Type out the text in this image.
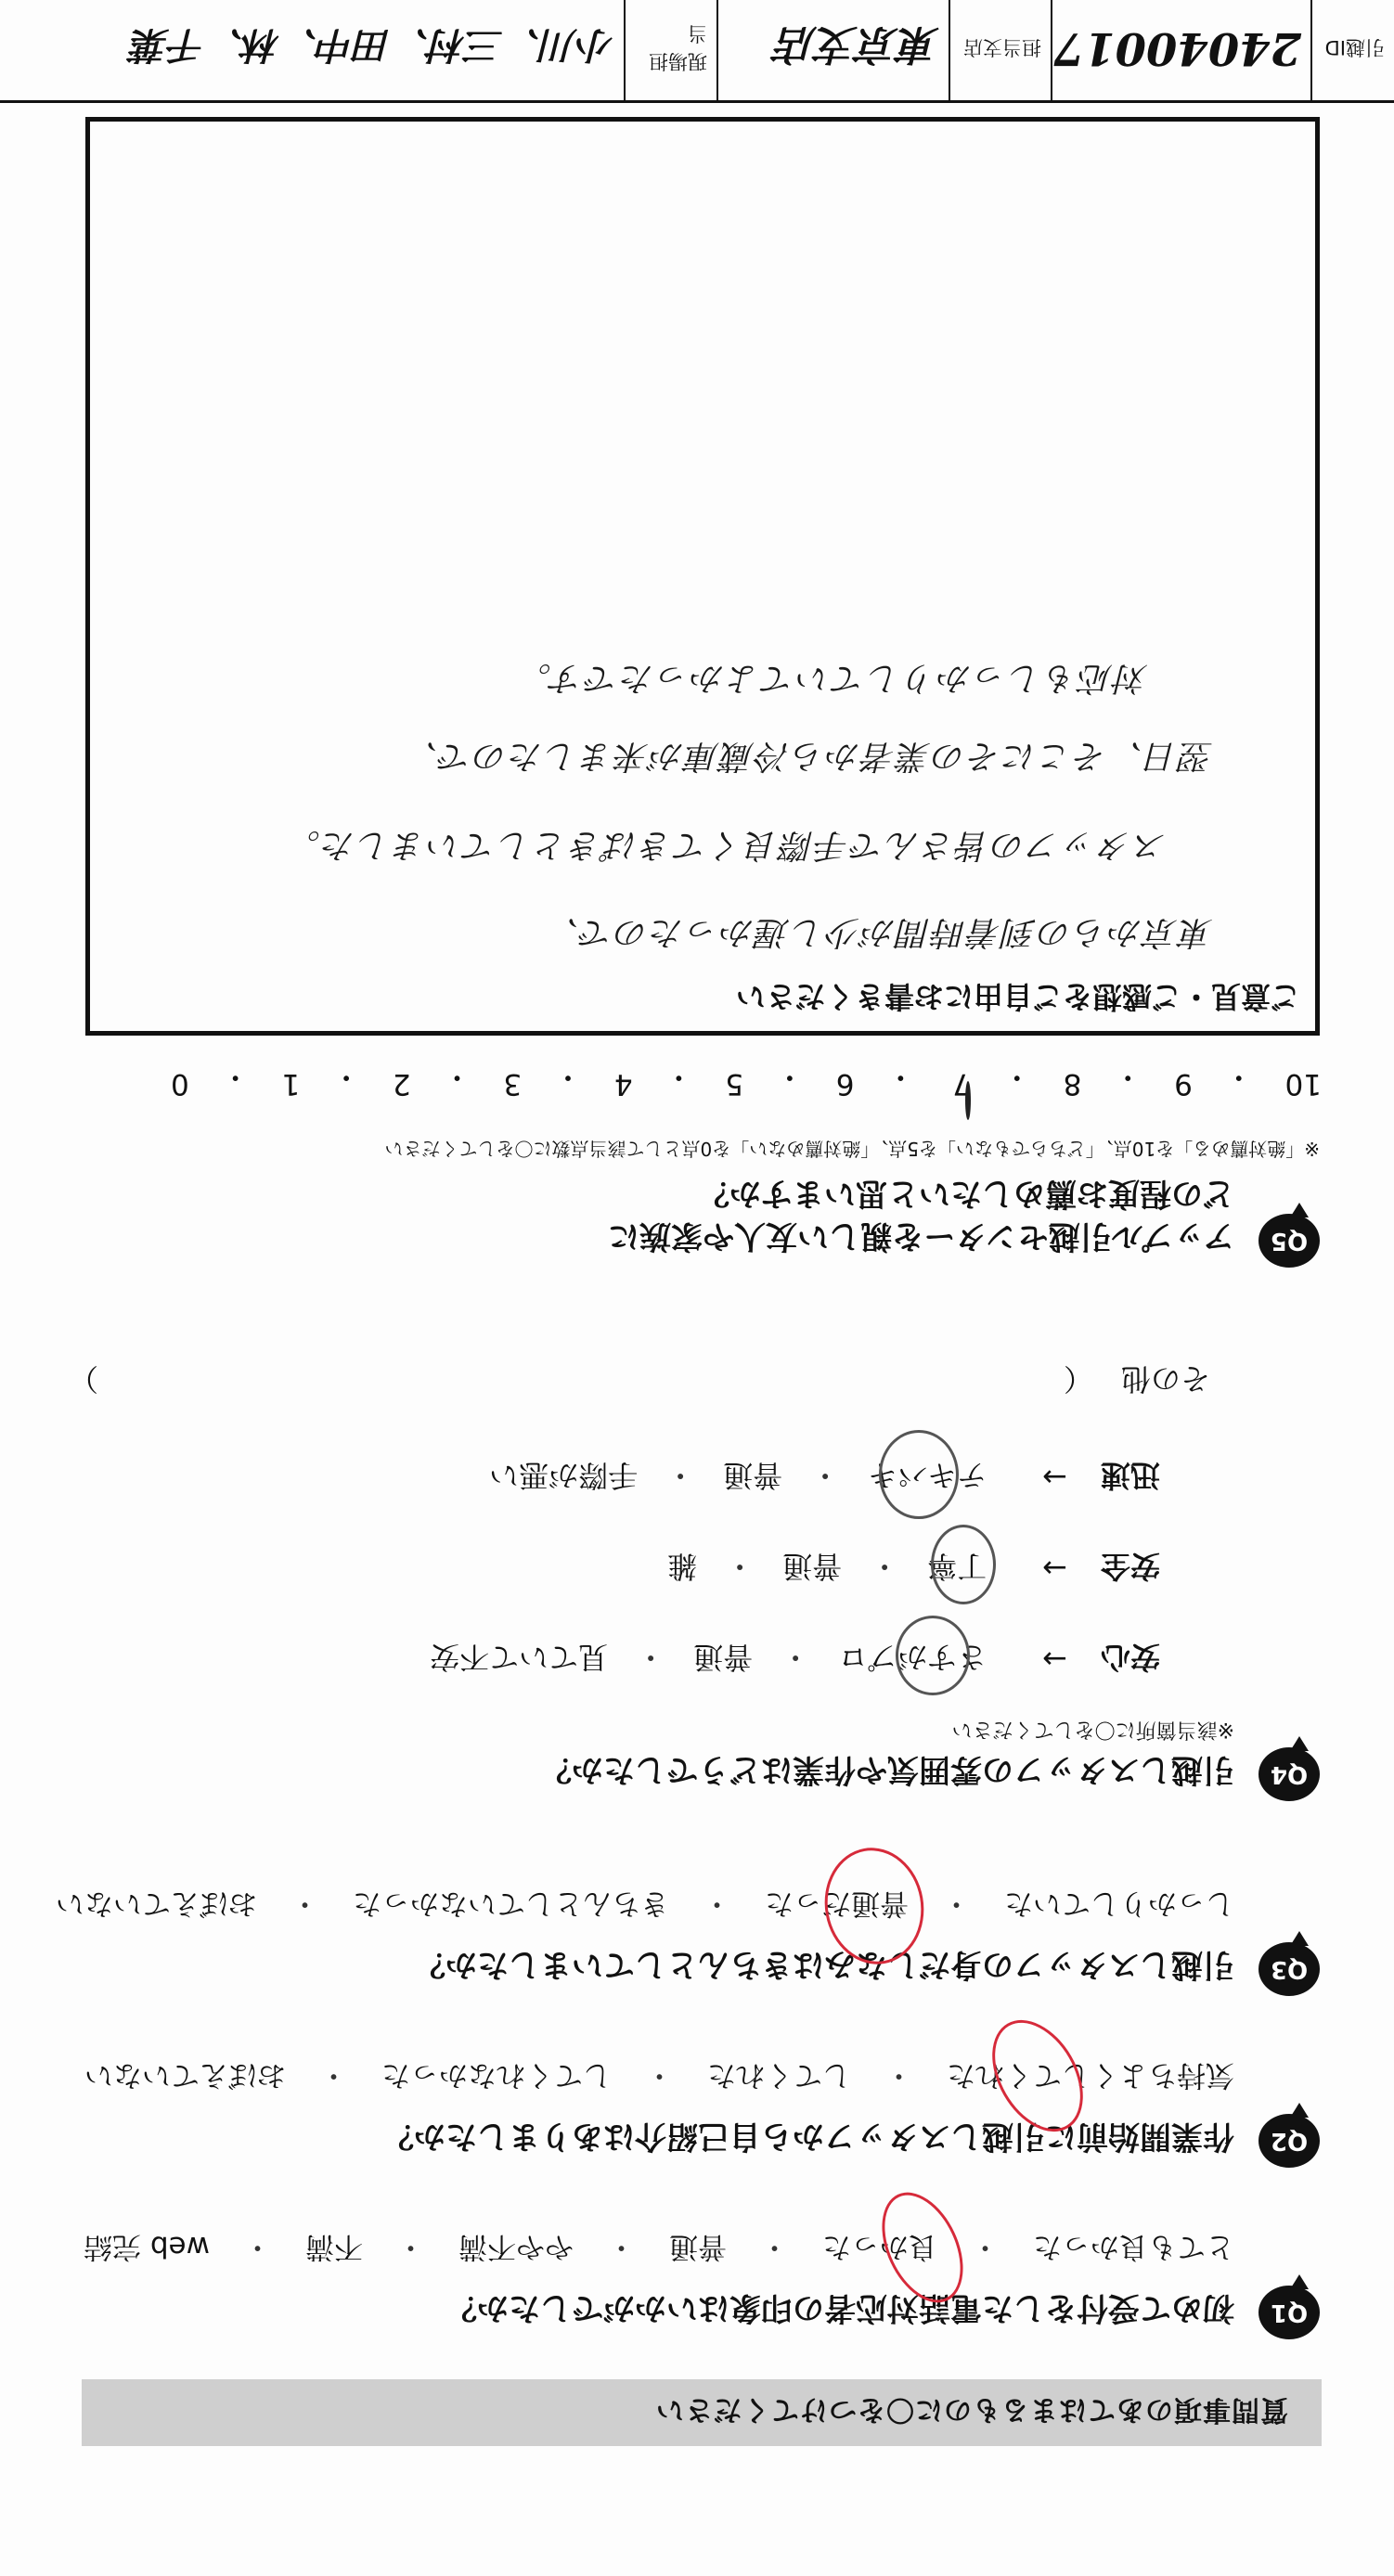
質問事項のあてはまるものに〇をつけてください
Q1
初めて受付をした電話対応者の印象はいかがでしたか？
とても良かった
・
良かった
・
普通
・
やや不満
・
不満
・
web 完結
Q2
作業開始前に引越しスタッフから自己紹介はありましたか？
気持ちよくしてくれた
・
してくれた
・
してくれなかった
・
おぼえていない
Q3
引越しスタッフの身だしなみはきちんとしていましたか？
しっかりしていた
・
普通だった
・
きちんとしていなかった
・
おぼえていない
Q4
引越しスタッフの雰囲気や作業はどうでしたか？
※該当箇所に〇をしてください
安心
→
さすがプロ
・
普通
・
見ていて不安
安全
→
丁寧
・
普通
・
雑
迅速
→
テキパキ
・
普通
・
手際が悪い
その他
（
）
Q5
アップル引越センターを親しい友人や家族に
どの程度お薦めしたいと思いますか？
※「絶対薦める」を10点、「どちらでもない」を5点、「絶対薦めない」を0点として該当点数に〇をしてください
10
・
9
・
8
・
7
・
6
・
5
・
4
・
3
・
2
・
1
・
0
ご意見・ご感想をご自由にお書きください
東京からの到着時間が少し遅かったので、
スタッフの皆さんで手際良くてきぱきとしていました。
翌日、そこにその業者から冷蔵庫が来ましたので、
対応もしっかりしていてよかったです。
引越ID
24040017
担当支店
東京支店
現場担当
小川、三村、田中、林、千葉
